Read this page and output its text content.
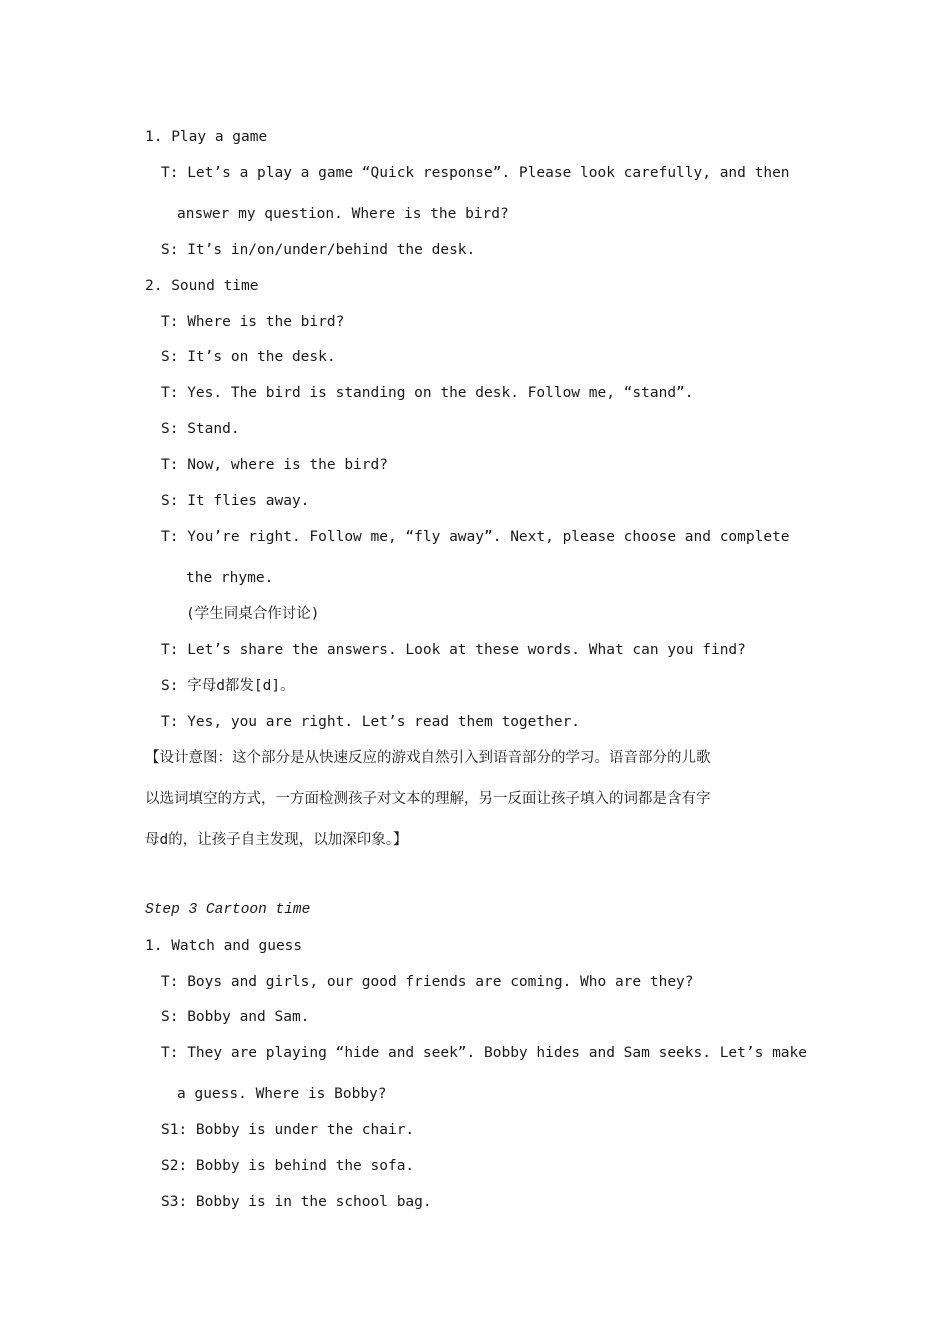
1. Play a game
T: Let’s a play a game “Quick response”. Please look carefully, and then
answer my question. Where is the bird?
S: It’s in/on/under/behind the desk.
2. Sound time
T: Where is the bird?
S: It’s on the desk.
T: Yes. The bird is standing on the desk. Follow me, “stand”.
S: Stand.
T: Now, where is the bird?
S: It flies away.
T: You’re right. Follow me, “fly away”. Next, please choose and complete
the rhyme.
(学生同桌合作讨论)
T: Let’s share the answers. Look at these words. What can you find?
S: 字母d都发[d]。
T: Yes, you are right. Let’s read them together.
【设计意图：这个部分是从快速反应的游戏自然引入到语音部分的学习。语音部分的儿歌
以选词填空的方式，一方面检测孩子对文本的理解，另一反面让孩子填入的词都是含有字
母d的，让孩子自主发现，以加深印象。】
Step 3 Cartoon time
1. Watch and guess
T: Boys and girls, our good friends are coming. Who are they?
S: Bobby and Sam.
T: They are playing “hide and seek”. Bobby hides and Sam seeks. Let’s make
a guess. Where is Bobby?
S1: Bobby is under the chair.
S2: Bobby is behind the sofa.
S3: Bobby is in the school bag.
